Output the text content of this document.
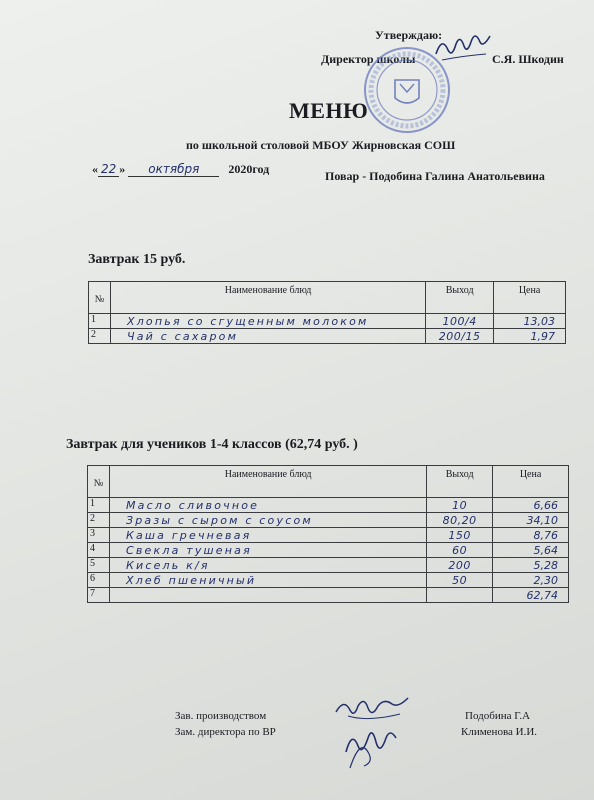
Утверждаю:
Директор школы	С.Я. Шкодин
МЕНЮ
по школьной столовой МБОУ Жирновская СОШ
« 22 » октября 2020год	Повар - Подобина Галина Анатольевина
Завтрак 15 руб.
№	Наименование блюд	Выход	Цена
1	Хлопья со сгущенным молоком	100/4	13,03
2	Чай с сахаром	200/15	1,97
Завтрак для учеников 1-4 классов (62,74 руб. )
№	Наименование блюд	Выход	Цена
1	Масло сливочное	10	6,66
2	Зразы с сыром с соусом	80,20	34,10
3	Каша гречневая	150	8,76
4	Свекла тушеная	60	5,64
5	Кисель к/я	200	5,28
6	Хлеб пшеничный	50	2,30
7			62,74
Зав. производством
Зам. директора по ВР
Подобина Г.А
Клименова И.И.
